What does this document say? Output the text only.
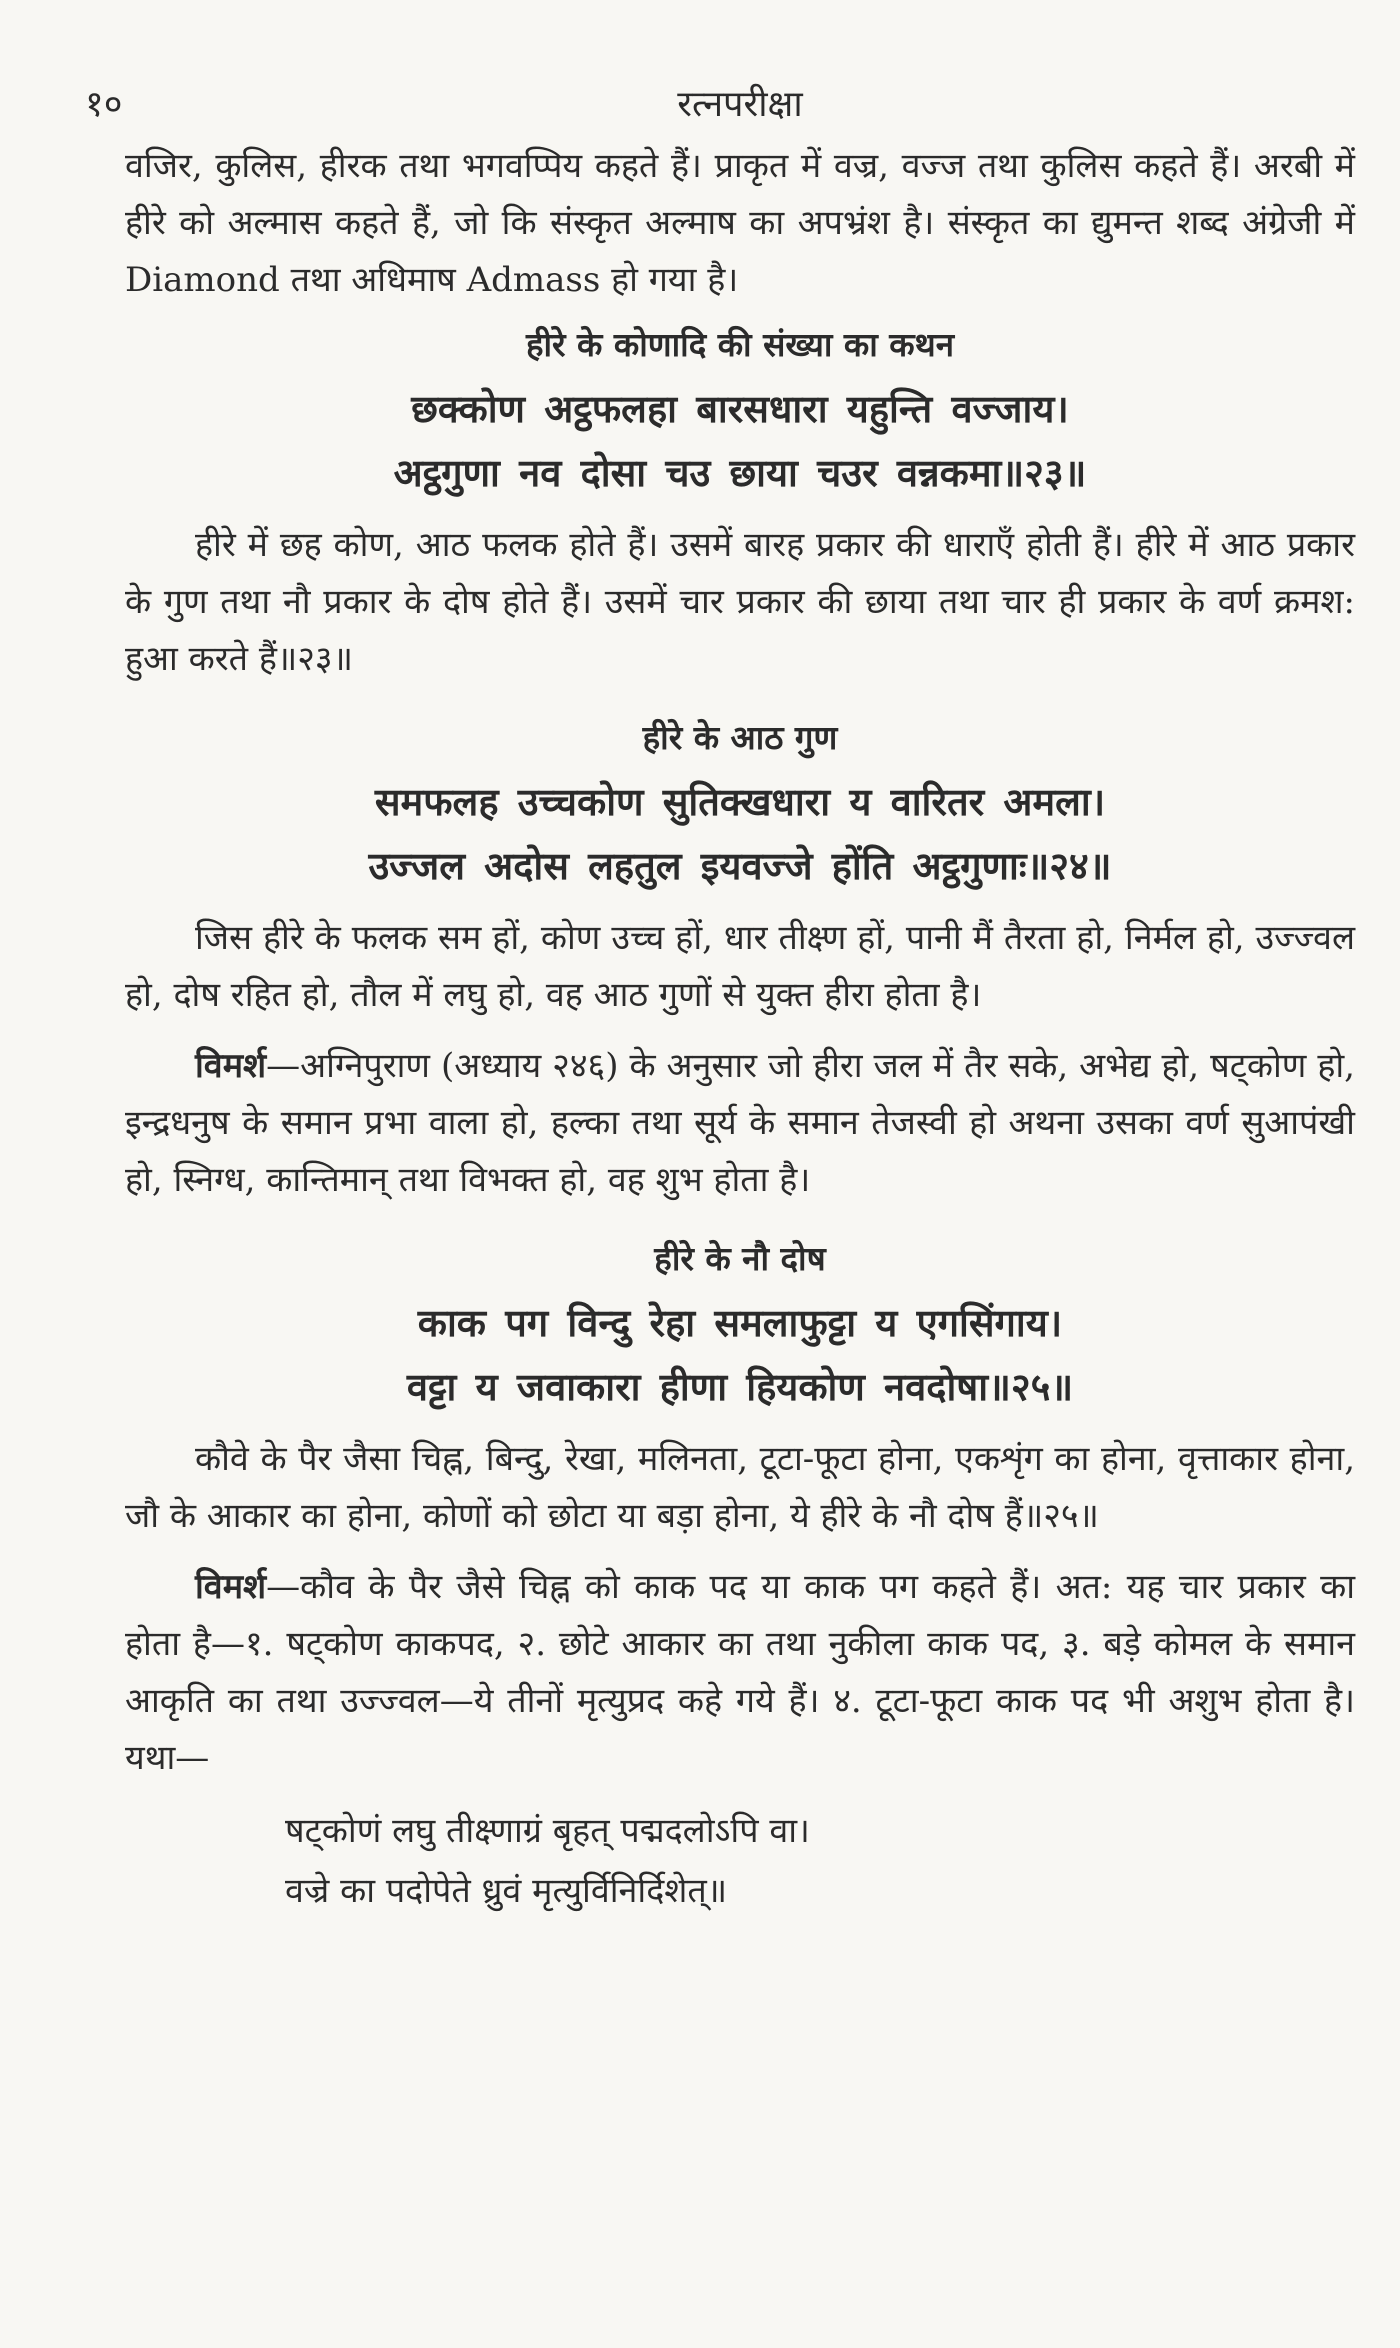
१०	रत्नपरीक्षा

वजिर, कुलिस, हीरक तथा भगवप्पिय कहते हैं। प्राकृत में वज्र, वज्ज तथा कुलिस कहते हैं। अरबी में हीरे को अल्मास कहते हैं, जो कि संस्कृत अल्माष का अपभ्रंश है। संस्कृत का द्युमन्त शब्द अंग्रेजी में Diamond तथा अधिमाष Admass हो गया है।

हीरे के कोणादि की संख्या का कथन

छक्कोण अट्ठफलहा बारसधारा यहुन्ति वज्जाय।

अट्ठगुणा नव दोसा चउ छाया चउर वन्नकमा॥२३॥

हीरे में छह कोण, आठ फलक होते हैं। उसमें बारह प्रकार की धाराएँ होती हैं। हीरे में आठ प्रकार के गुण तथा नौ प्रकार के दोष होते हैं। उसमें चार प्रकार की छाया तथा चार ही प्रकार के वर्ण क्रमश: हुआ करते हैं॥२३॥

हीरे के आठ गुण

समफलह उच्चकोण सुतिक्खधारा य वारितर अमला।

उज्जल अदोस लहतुल इयवज्जे होंति अट्ठगुणाः॥२४॥

जिस हीरे के फलक सम हों, कोण उच्च हों, धार तीक्ष्ण हों, पानी मैं तैरता हो, निर्मल हो, उज्ज्वल हो, दोष रहित हो, तौल में लघु हो, वह आठ गुणों से युक्त हीरा होता है।

विमर्श—अग्निपुराण (अध्याय २४६) के अनुसार जो हीरा जल में तैर सके, अभेद्य हो, षट्कोण हो, इन्द्रधनुष के समान प्रभा वाला हो, हल्का तथा सूर्य के समान तेजस्वी हो अथना उसका वर्ण सुआपंखी हो, स्निग्ध, कान्तिमान् तथा विभक्त हो, वह शुभ होता है।

हीरे के नौ दोष

काक पग विन्दु रेहा समलाफुट्टा य एगसिंगाय।

वट्टा य जवाकारा हीणा हियकोण नवदोषा॥२५॥

कौवे के पैर जैसा चिह्न, बिन्दु, रेखा, मलिनता, टूटा-फूटा होना, एकशृंग का होना, वृत्ताकार होना, जौ के आकार का होना, कोणों को छोटा या बड़ा होना, ये हीरे के नौ दोष हैं॥२५॥

विमर्श—कौव के पैर जैसे चिह्न को काक पद या काक पग कहते हैं। अत: यह चार प्रकार का होता है—१. षट्कोण काकपद, २. छोटे आकार का तथा नुकीला काक पद, ३. बड़े कोमल के समान आकृति का तथा उज्ज्वल—ये तीनों मृत्युप्रद कहे गये हैं। ४. टूटा-फूटा काक पद भी अशुभ होता है। यथा—

षट्कोणं लघु तीक्ष्णाग्रं बृहत् पद्मदलोऽपि वा।

वज्रे का पदोपेते ध्रुवं मृत्युर्विनिर्दिशेत्॥
